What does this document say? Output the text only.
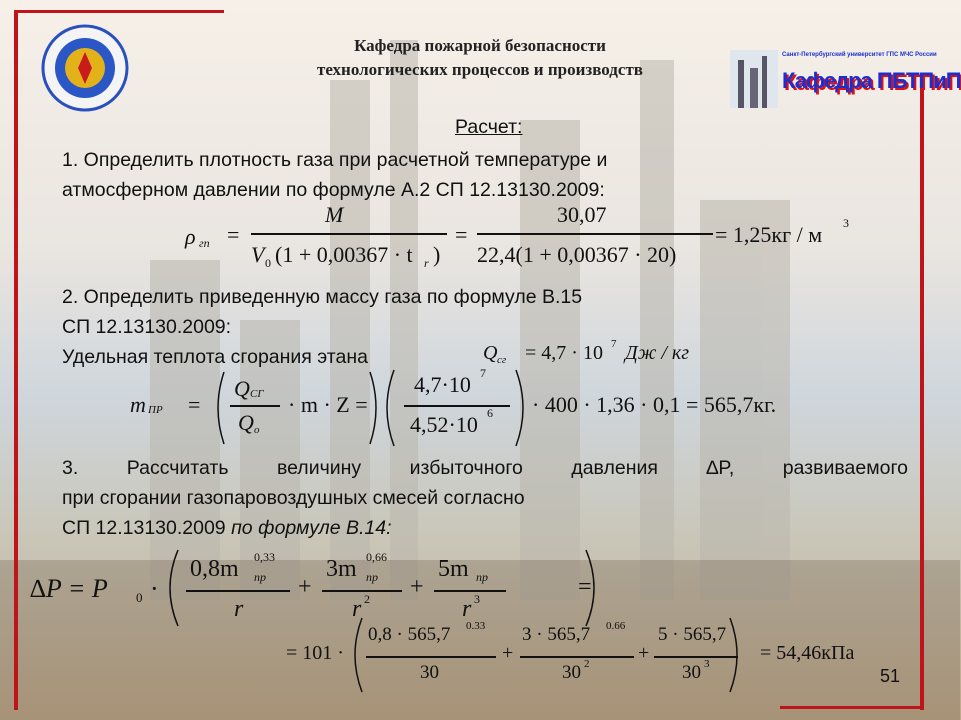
Кафедра пожарной безопасности
технологических процессов и производств
Санкт-Петербургский университет ГПС МЧС России
Кафедра ПБТПиП
Расчет:
1. Определить плотность газа при расчетной температуре и
атмосферном давлении по формуле А.2 СП 12.13130.2009:
ρ гп =
M
V 0 (1 + 0,00367 · t r )
=
30,07
22,4(1 + 0,00367 · 20)
= 1,25кг / м 3
2. Определить приведенную массу газа по формуле В.15
СП 12.13130.2009:
Удельная теплота сгорания этана	Q сг = 4,7 · 10 7 Дж / кг
m ПР =
Q СГ
Q o
· m · Z =
4,7·10 7
4,52·10 6 · 400 · 1,36 · 0,1 = 565,7кг.
3. Рассчитать величину избыточного давления ∆P, развиваемого
при сгорании газопаровоздушных смесей согласно
СП 12.13130.2009 по формуле В.14:
∆P = P 0 ·
0,8m 0,33
пр
r
+
3m 0,66
пр
r 2 +
5m пр
r 3	=
= 101 ·
0,8 · 565,7 0.33
30
+
3 · 565,7 0.66
30 2 +
5 · 565,7
30 3	= 54,46кПа
51
